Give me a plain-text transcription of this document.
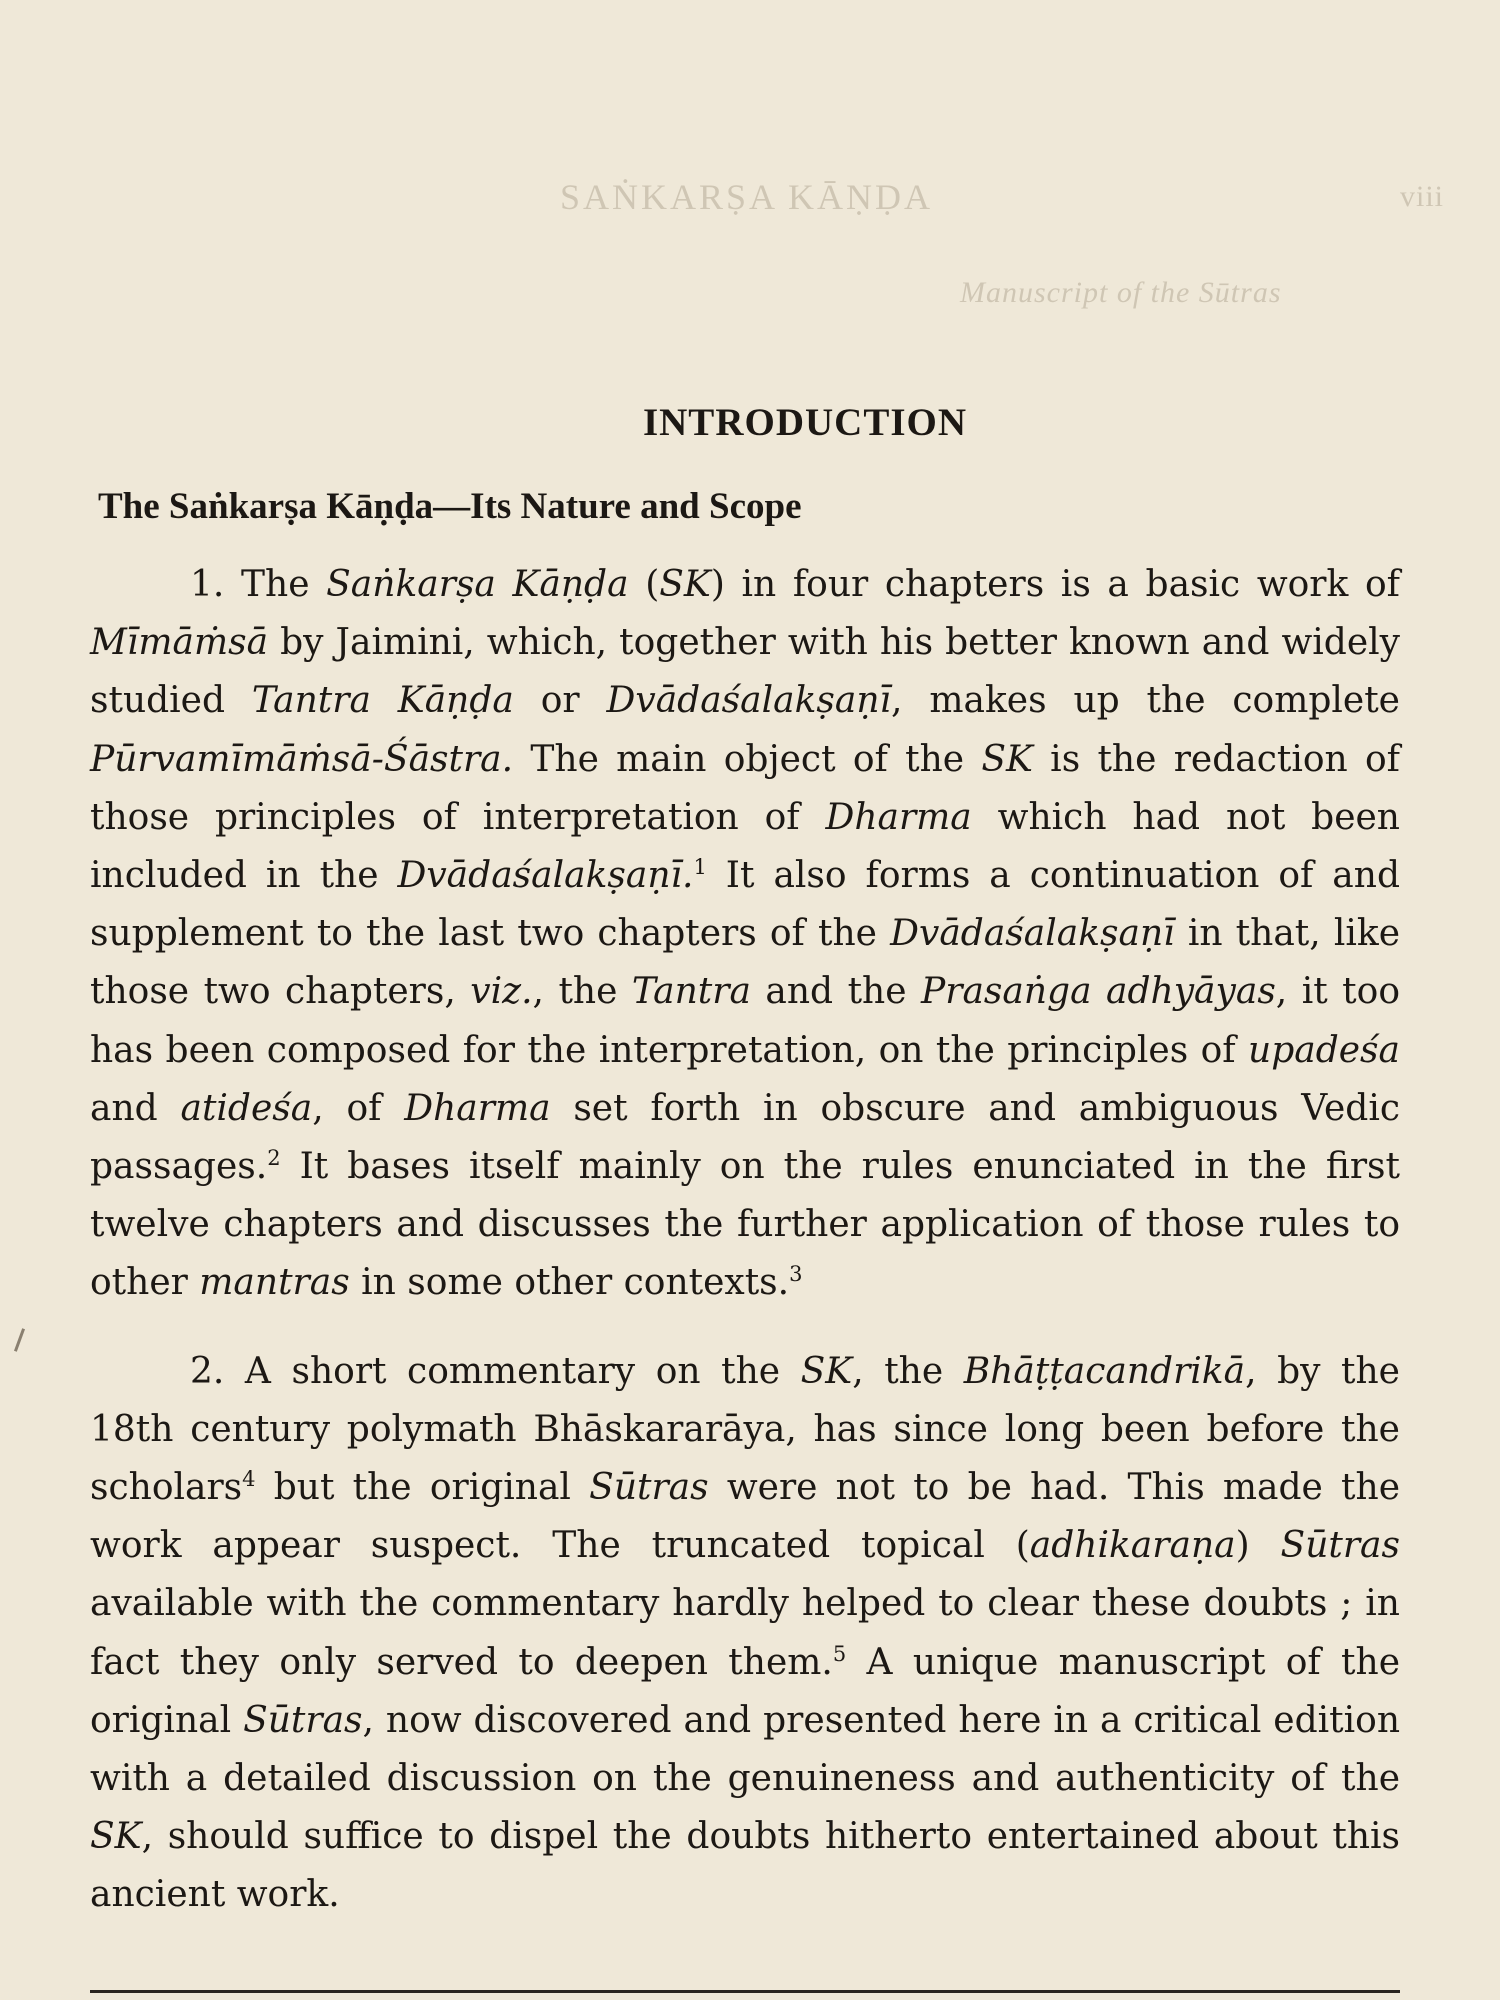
viii
SAṄKARṢA KĀṆḌA
Manuscript of the Sūtras
INTRODUCTION
The Saṅkarṣa Kāṇḍa—Its Nature and Scope

1. The Saṅkarṣa Kāṇḍa (SK) in four chapters is a basic work of Mīmāṁsā by Jaimini, which, together with his better known and widely studied Tantra Kāṇḍa or Dvādaśalakṣaṇī, makes up the complete Pūrvamīmāṁsā-Śāstra. The main object of the SK is the redaction of those principles of interpretation of Dharma which had not been included in the Dvādaśalakṣaṇī.$^1$ It also forms a continuation of and supplement to the last two chapters of the Dvādaśalakṣaṇī in that, like those two chapters, viz., the Tantra and the Prasaṅga adhyāyas, it too has been composed for the interpretation, on the principles of upadeśa and atideśa, of Dharma set forth in obscure and ambiguous Vedic passages.$^2$ It bases itself mainly on the rules enunciated in the first twelve chapters and discusses the further application of those rules to other mantras in some other contexts.$^3$

2. A short commentary on the SK, the Bhāṭṭacandrikā, by the 18th century polymath Bhāskararāya, has since long been before the scholars$^4$ but the original Sūtras were not to be had. This made the work appear suspect. The truncated topical (adhikaraṇa) Sūtras available with the commentary hardly helped to clear these doubts ; in fact they only served to deepen them.$^5$ A unique manuscript of the original Sūtras, now discovered and presented here in a critical edition with a detailed discussion on the genuineness and authenticity of the SK, should suffice to dispel the doubts hitherto entertained about this ancient work.
